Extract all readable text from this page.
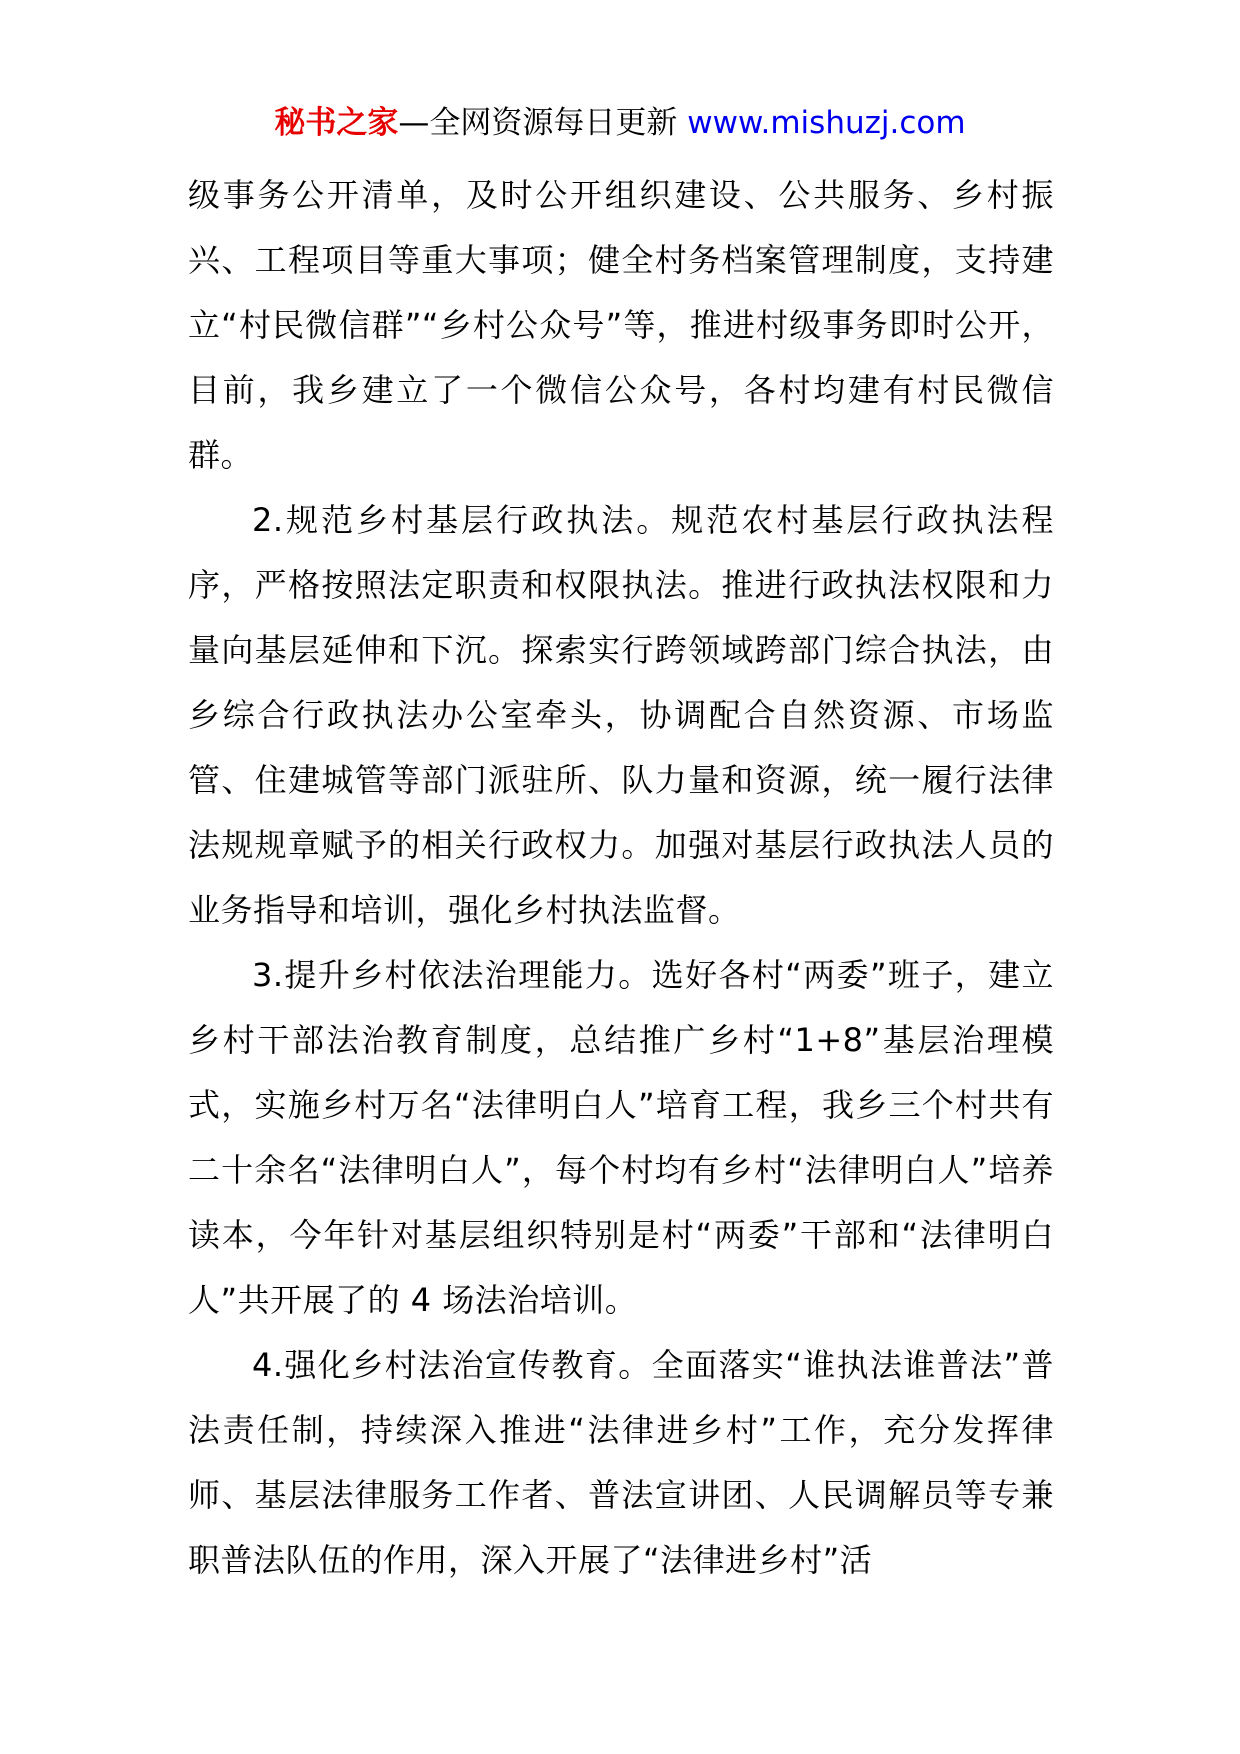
秘书之家—全网资源每日更新 www.mishuzj.com

级事务公开清单，及时公开组织建设、公共服务、乡村振兴、工程项目等重大事项；健全村务档案管理制度，支持建立“村民微信群”“乡村公众号”等，推进村级事务即时公开，目前，我乡建立了一个微信公众号，各村均建有村民微信群。

2.规范乡村基层行政执法。规范农村基层行政执法程序，严格按照法定职责和权限执法。推进行政执法权限和力量向基层延伸和下沉。探索实行跨领域跨部门综合执法，由乡综合行政执法办公室牵头，协调配合自然资源、市场监管、住建城管等部门派驻所、队力量和资源，统一履行法律法规规章赋予的相关行政权力。加强对基层行政执法人员的业务指导和培训，强化乡村执法监督。

3.提升乡村依法治理能力。选好各村“两委”班子，建立乡村干部法治教育制度，总结推广乡村“1+8”基层治理模式，实施乡村万名“法律明白人”培育工程，我乡三个村共有二十余名“法律明白人”，每个村均有乡村“法律明白人”培养读本，今年针对基层组织特别是村“两委”干部和“法律明白人”共开展了的 4 场法治培训。

4.强化乡村法治宣传教育。全面落实“谁执法谁普法”普法责任制，持续深入推进“法律进乡村”工作，充分发挥律师、基层法律服务工作者、普法宣讲团、人民调解员等专兼职普法队伍的作用，深入开展了“法律进乡村”活
